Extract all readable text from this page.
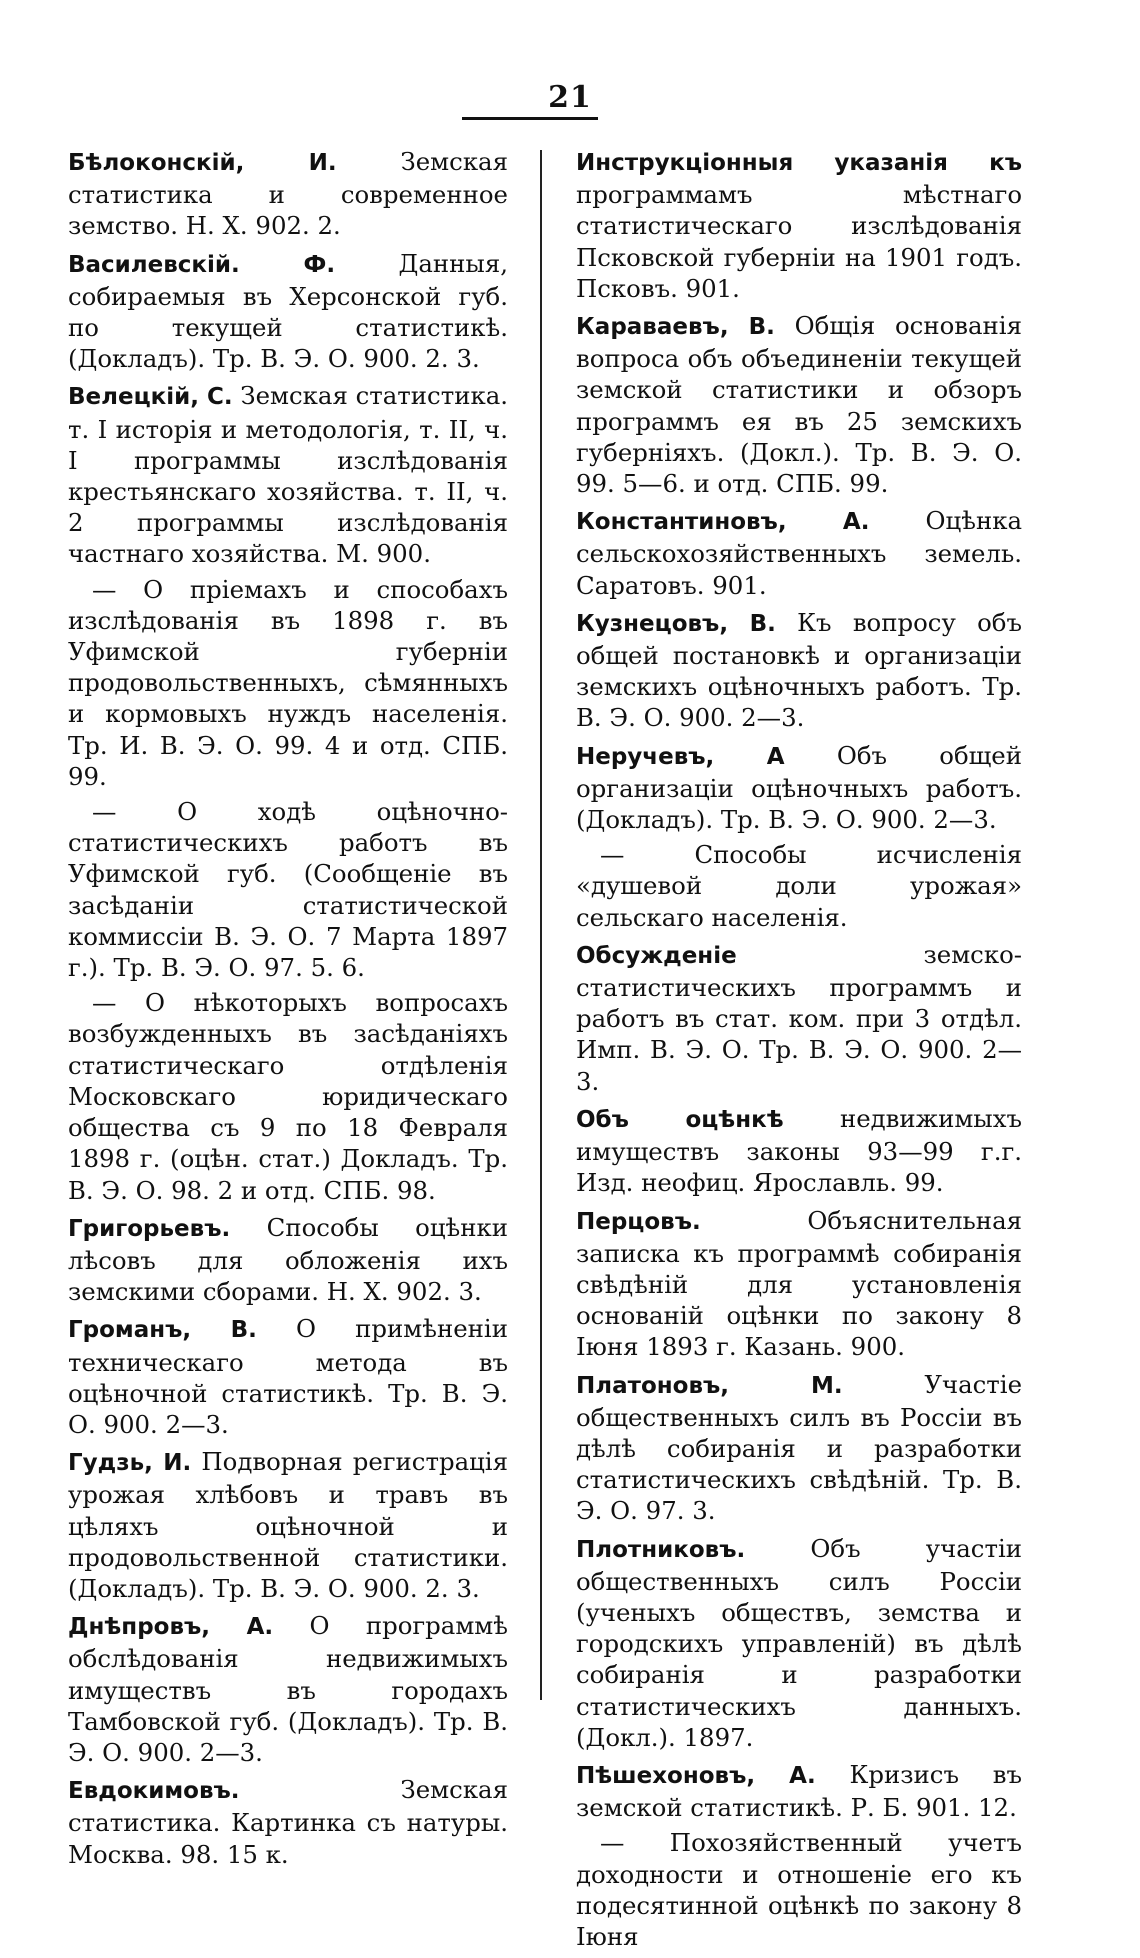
21

Бѣлоконскій, И. Земская статистика и современное земство. Н. Х. 902. 2.

Василевскій. Ф. Данныя, собираемыя въ Херсонской губ. по текущей статистикѣ. (Докладъ). Тр. В. Э. О. 900. 2. 3.

Велецкій, С. Земская статистика. т. I исторія и методологія, т. II, ч. I программы изслѣдованія крестьянскаго хозяйства. т. II, ч. 2 программы изслѣдованія частнаго хозяйства. М. 900.

— О пріемахъ и способахъ изслѣдованія въ 1898 г. въ Уфимской губерніи продовольственныхъ, сѣмянныхъ и кормовыхъ нуждъ населенія. Тр. И. В. Э. О. 99. 4 и отд. СПБ. 99.

— О ходѣ оцѣночно-статистическихъ работъ въ Уфимской губ. (Сообщеніе въ засѣданіи статистической коммиссіи В. Э. О. 7 Марта 1897 г.). Тр. В. Э. О. 97. 5. 6.

— О нѣкоторыхъ вопросахъ возбужденныхъ въ засѣданіяхъ статистическаго отдѣленія Московскаго юридическаго общества съ 9 по 18 Февраля 1898 г. (оцѣн. стат.) Докладъ. Тр. В. Э. О. 98. 2 и отд. СПБ. 98.

Григорьевъ. Способы оцѣнки лѣсовъ для обложенія ихъ земскими сборами. Н. Х. 902. 3.

Громанъ, В. О примѣненіи техническаго метода въ оцѣночной статистикѣ. Тр. В. Э. О. 900. 2—3.

Гудзь, И. Подворная регистрація урожая хлѣбовъ и травъ въ цѣляхъ оцѣночной и продовольственной статистики. (Докладъ). Тр. В. Э. О. 900. 2. 3.

Днѣпровъ, А. О программѣ обслѣдованія недвижимыхъ имуществъ въ городахъ Тамбовской губ. (Докладъ). Тр. В. Э. О. 900. 2—3.

Евдокимовъ. Земская статистика. Картинка съ натуры. Москва. 98. 15 к.

Инструкціонныя указанія къ программамъ мѣстнаго статистическаго изслѣдованія Псковской губерніи на 1901 годъ. Псковъ. 901.

Караваевъ, В. Общія основанія вопроса объ объединеніи текущей земской статистики и обзоръ программъ ея въ 25 земскихъ губерніяхъ. (Докл.). Тр. В. Э. О. 99. 5—6. и отд. СПБ. 99.

Константиновъ, А. Оцѣнка сельскохозяйственныхъ земель. Саратовъ. 901.

Кузнецовъ, В. Къ вопросу объ общей постановкѣ и организаціи земскихъ оцѣночныхъ работъ. Тр. В. Э. О. 900. 2—3.

Неручевъ, А Объ общей организаціи оцѣночныхъ работъ. (Докладъ). Тр. В. Э. О. 900. 2—3.

— Способы исчисленія «душевой доли урожая» сельскаго населенія.

Обсужденіе земско-статистическихъ программъ и работъ въ стат. ком. при 3 отдѣл. Имп. В. Э. О. Тр. В. Э. О. 900. 2—3.

Объ оцѣнкѣ недвижимыхъ имуществъ законы 93—99 г.г. Изд. неофиц. Ярославль. 99.

Перцовъ. Объяснительная записка къ программѣ собиранія свѣдѣній для установленія основаній оцѣнки по закону 8 Іюня 1893 г. Казань. 900.

Платоновъ, М. Участіе общественныхъ силъ въ Россіи въ дѣлѣ собиранія и разработки статистическихъ свѣдѣній. Тр. В. Э. О. 97. 3.

Плотниковъ. Объ участіи общественныхъ силъ Россіи (ученыхъ обществъ, земства и городскихъ управленій) въ дѣлѣ собиранія и разработки статистическихъ данныхъ. (Докл.). 1897.

Пѣшехоновъ, А. Кризисъ въ земской статистикѣ. Р. Б. 901. 12.

— Похозяйственный учетъ доходности и отношеніе его къ подесятинной оцѣнкѣ по закону 8 Іюня
